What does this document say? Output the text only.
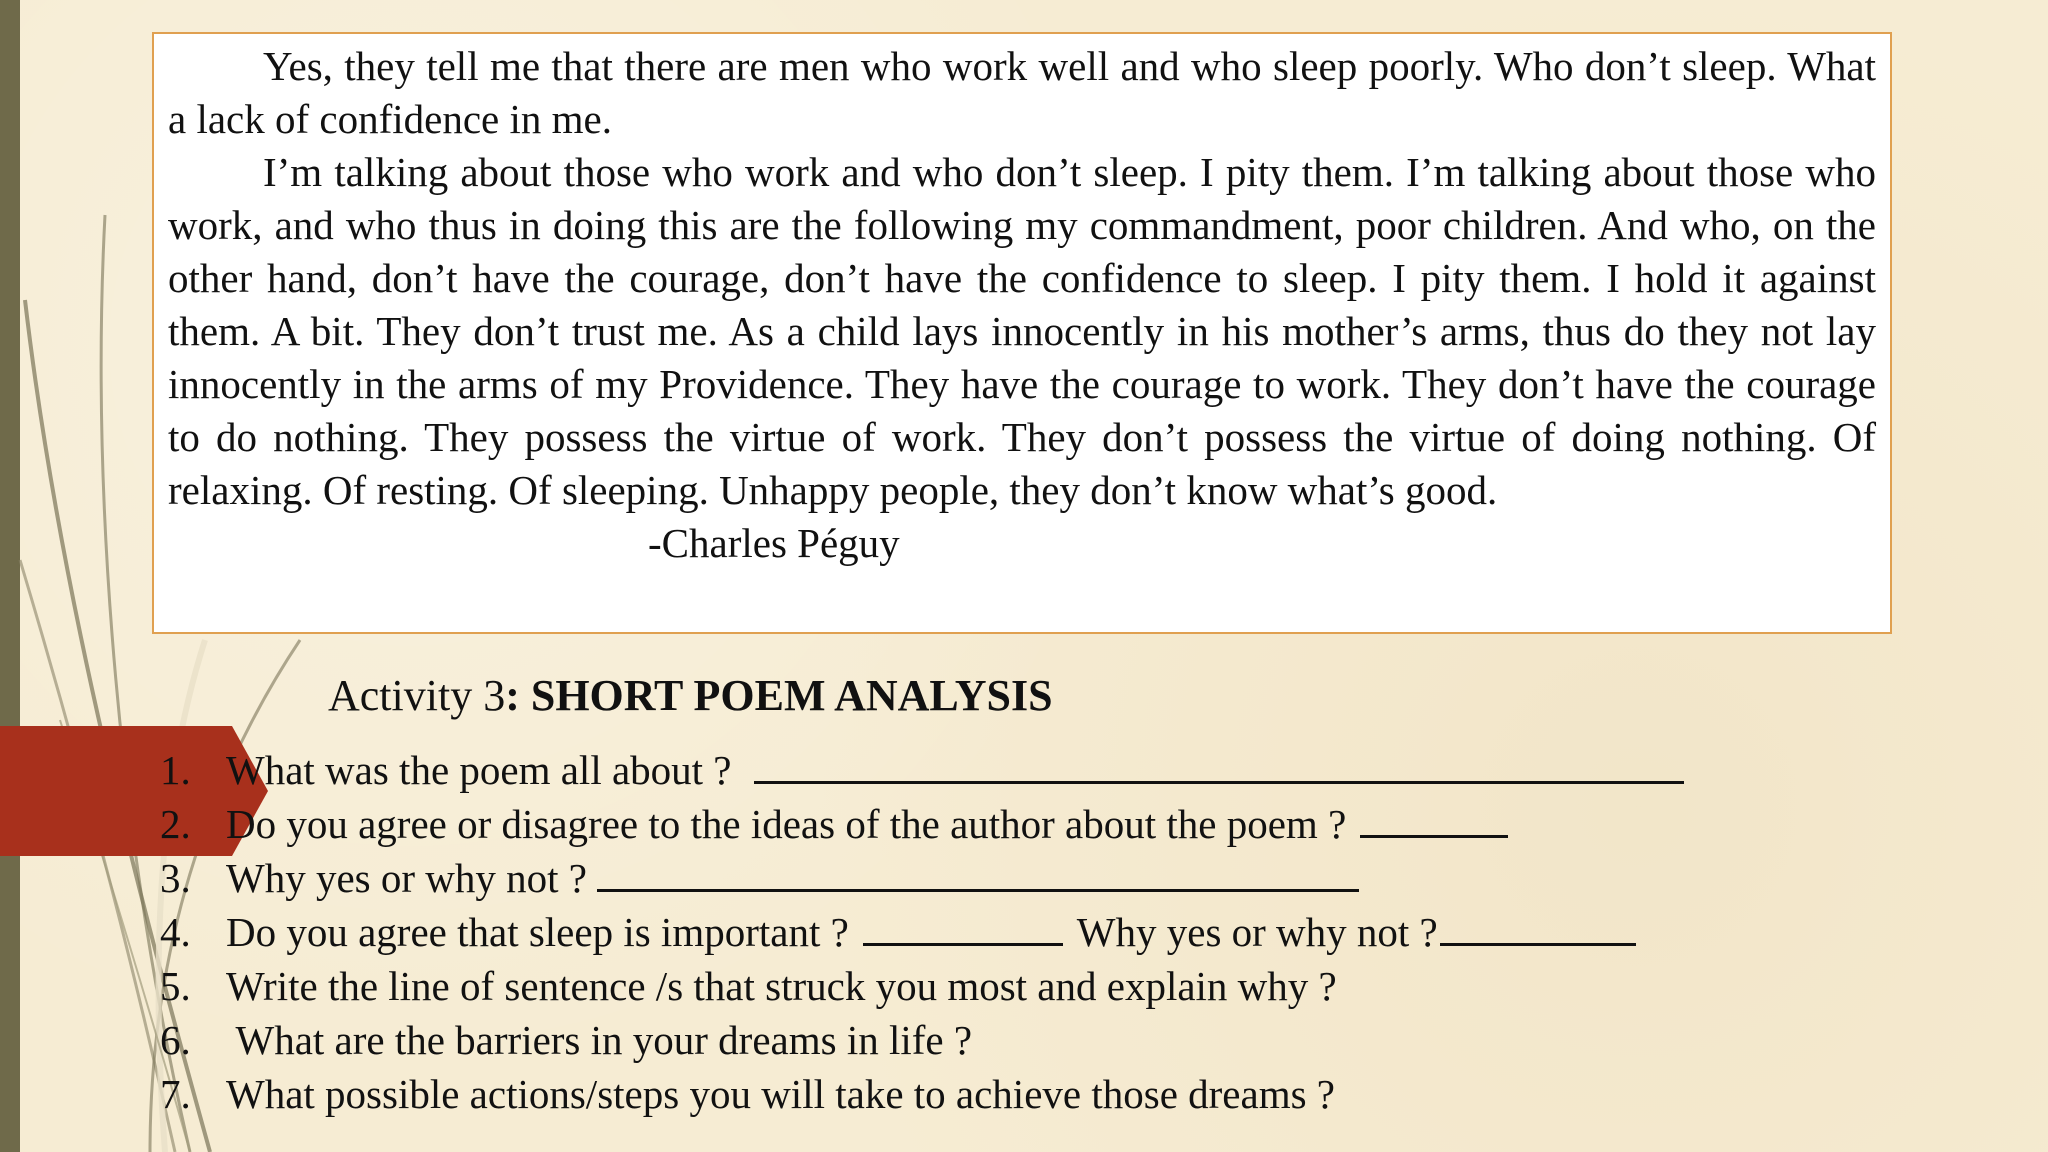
Yes, they tell me that there are men who work well and who sleep poorly. Who don’t sleep. What a lack of confidence in me.

I’m talking about those who work and who don’t sleep. I pity them. I’m talking about those who work, and who thus in doing this are the following my commandment, poor children. And who, on the other hand, don’t have the courage, don’t have the confidence to sleep. I pity them. I hold it against them. A bit. They don’t trust me. As a child lays innocently in his mother’s arms, thus do they not lay innocently in the arms of my Providence. They have the courage to work. They don’t have the courage to do nothing. They possess the virtue of work. They don’t possess the virtue of doing nothing. Of relaxing. Of resting. Of sleeping. Unhappy people, they don’t know what’s good.

-Charles Péguy

Activity 3: SHORT POEM ANALYSIS
1. What was the poem all about ?
2. Do you agree or disagree to the ideas of the author about the poem ?
3. Why yes or why not ?
4. Do you agree that sleep is important ?	Why yes or why not ?
5. Write the line of sentence /s that struck you most and explain why ?
6. What are the barriers in your dreams in life ?
7. What possible actions/steps you will take to achieve those dreams ?
